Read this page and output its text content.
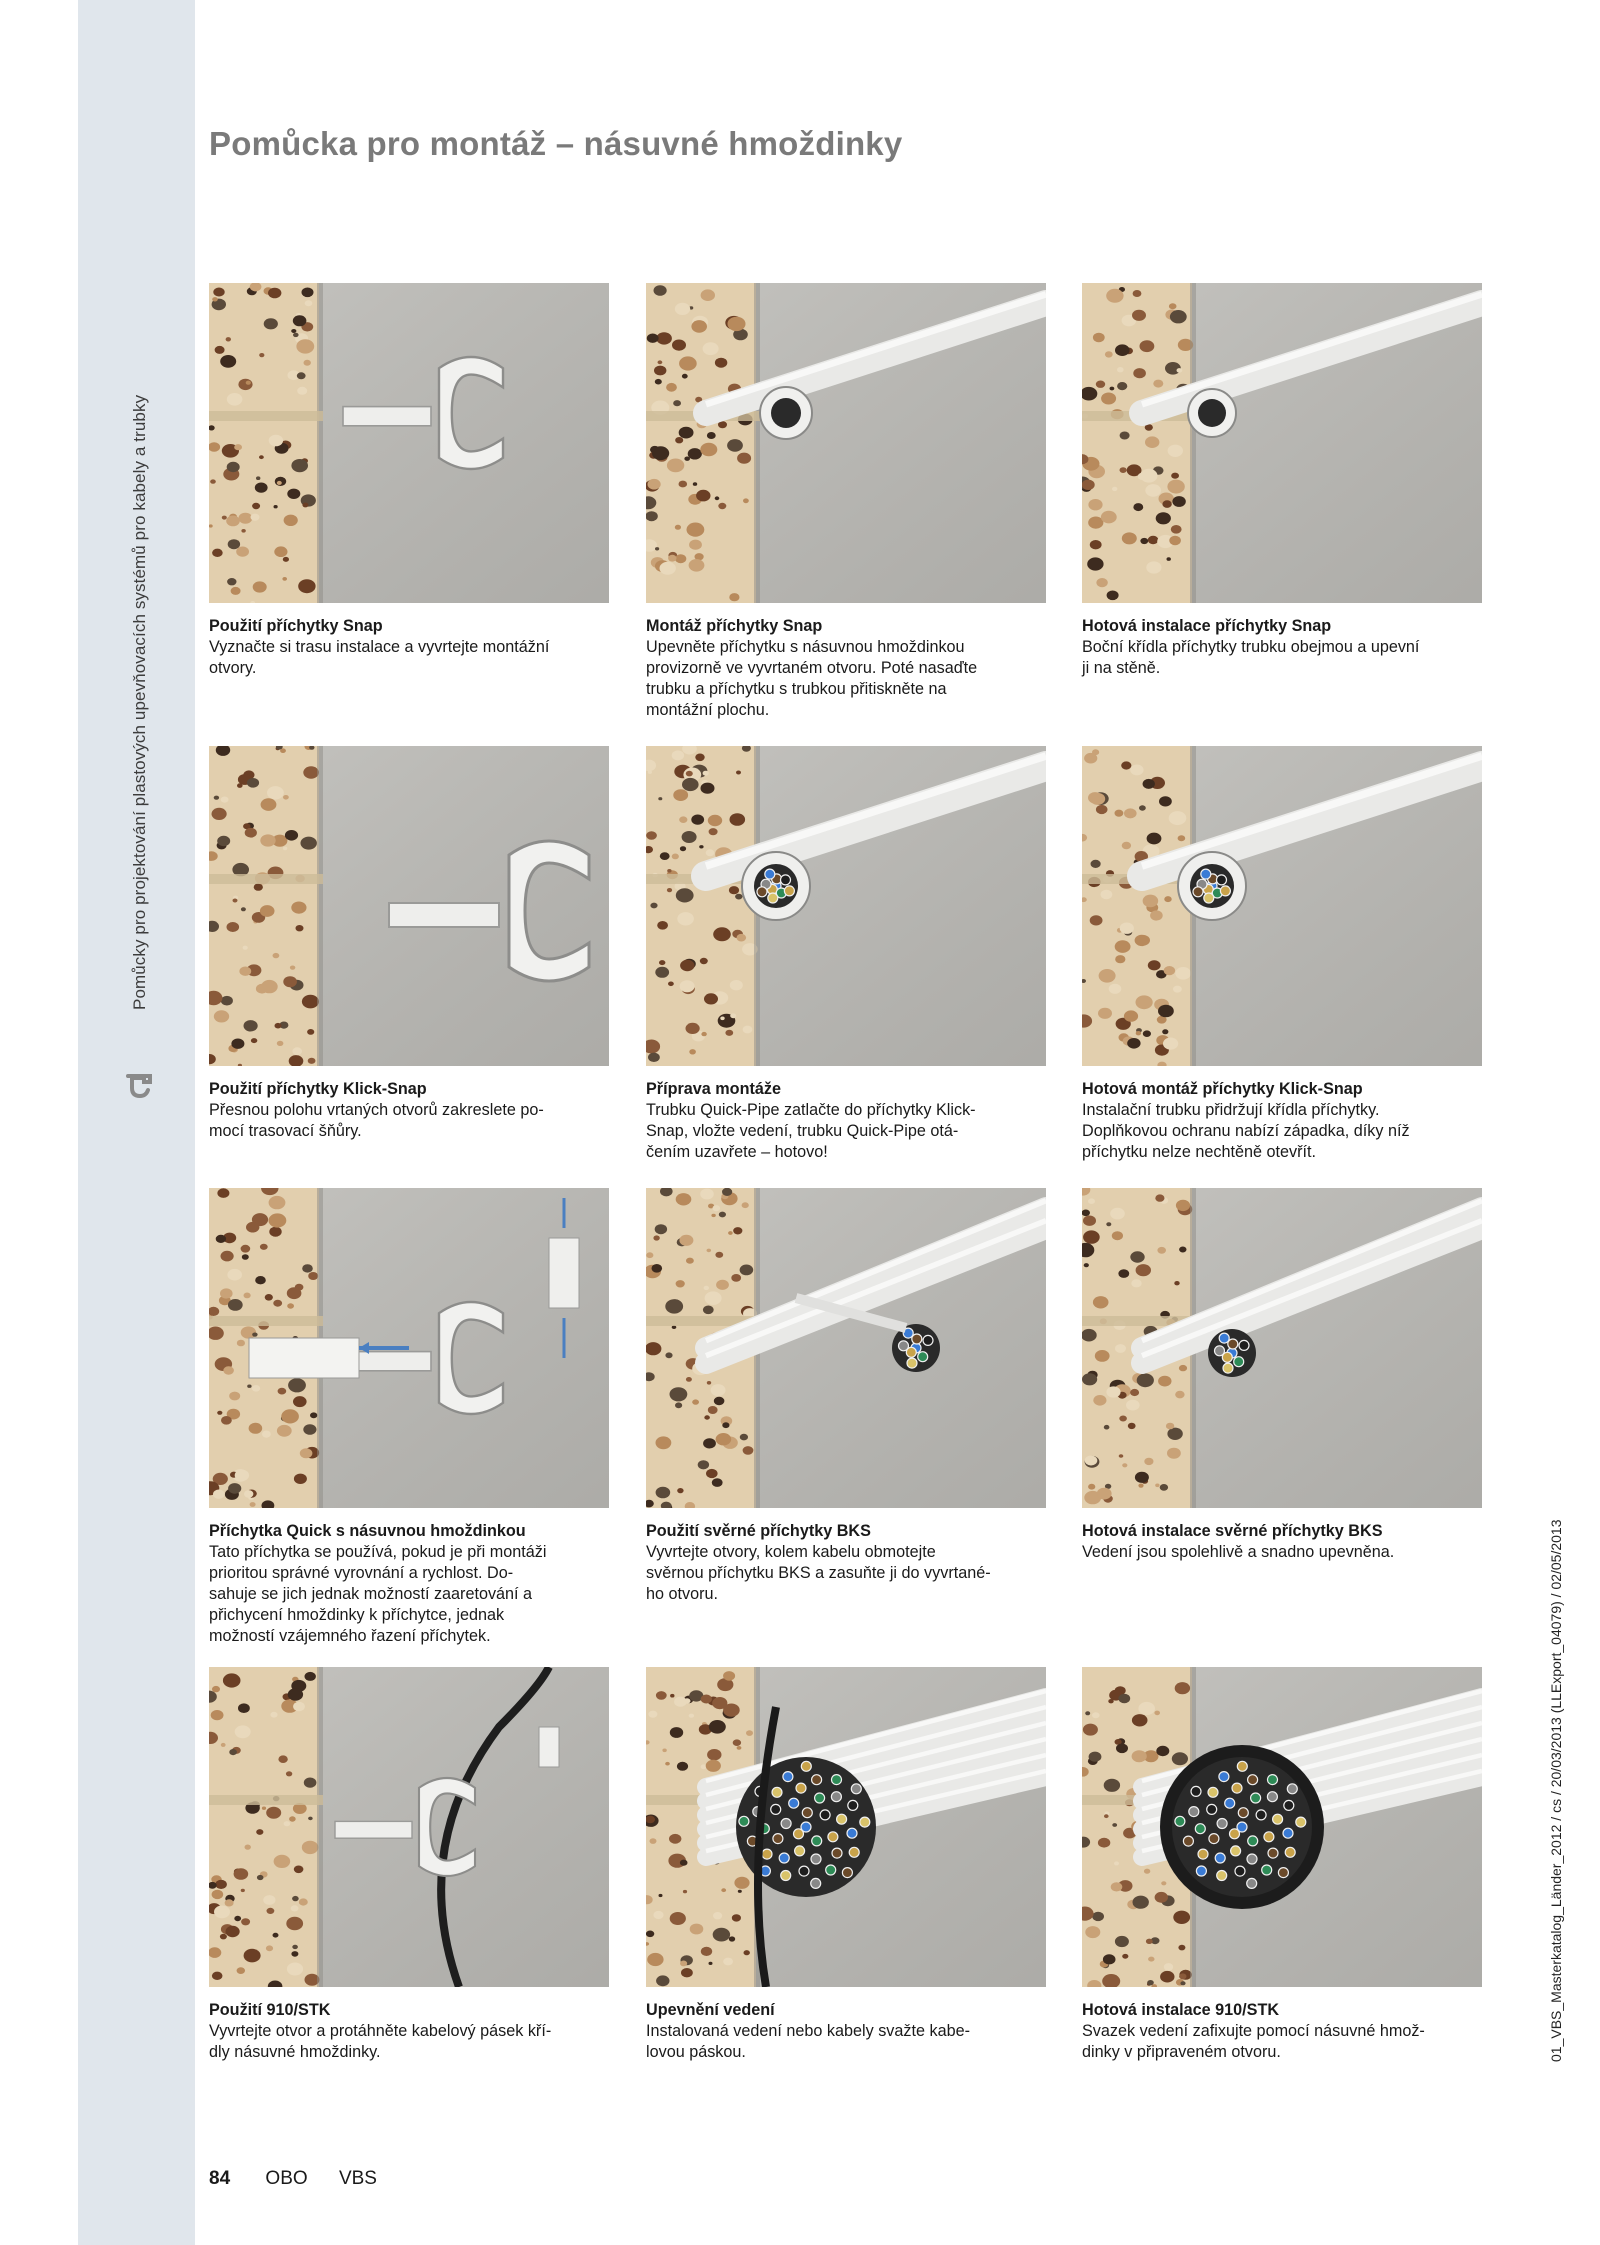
Pomůcky pro projektování plastových upevňovacích systémů pro kabely a trubky
01_VBS_Masterkatalog_Länder_2012 / cs / 20/03/2013 (LLExport_04079) / 02/05/2013
Pomůcka pro montáž – násuvné hmoždinky
Použití příchytky Snap
Vyznačte si trasu instalace a vyvrtejte montážní
otvory.
Montáž příchytky Snap
Upevněte příchytku s násuvnou hmoždinkou
provizorně ve vyvrtaném otvoru. Poté nasaďte
trubku a příchytku s trubkou přitiskněte na
montážní plochu.
Hotová instalace příchytky Snap
Boční křídla příchytky trubku obejmou a upevní
ji na stěně.
Použití příchytky Klick-Snap
Přesnou polohu vrtaných otvorů zakreslete po-
mocí trasovací šňůry.
Příprava montáže
Trubku Quick-Pipe zatlačte do příchytky Klick-
Snap, vložte vedení, trubku Quick-Pipe otá-
čením uzavřete – hotovo!
Hotová montáž příchytky Klick-Snap
Instalační trubku přidržují křídla příchytky.
Doplňkovou ochranu nabízí západka, díky níž
příchytku nelze nechtěně otevřít.
Příchytka Quick s násuvnou hmoždinkou
Tato příchytka se používá, pokud je při montáži
prioritou správné vyrovnání a rychlost. Do-
sahuje se jich jednak možností zaaretování a
přichycení hmoždinky k příchytce, jednak
možností vzájemného řazení příchytek.
Použití svěrné příchytky BKS
Vyvrtejte otvory, kolem kabelu obmotejte
svěrnou příchytku BKS a zasuňte ji do vyvrtané-
ho otvoru.
Hotová instalace svěrné příchytky BKS
Vedení jsou spolehlivě a snadno upevněna.
Použití 910/STK
Vyvrtejte otvor a protáhněte kabelový pásek kří-
dly násuvné hmoždinky.
Upevnění vedení
Instalovaná vedení nebo kabely svažte kabe-
lovou páskou.
Hotová instalace 910/STK
Svazek vedení zafixujte pomocí násuvné hmož-
dinky v připraveném otvoru.
84 OBO VBS
